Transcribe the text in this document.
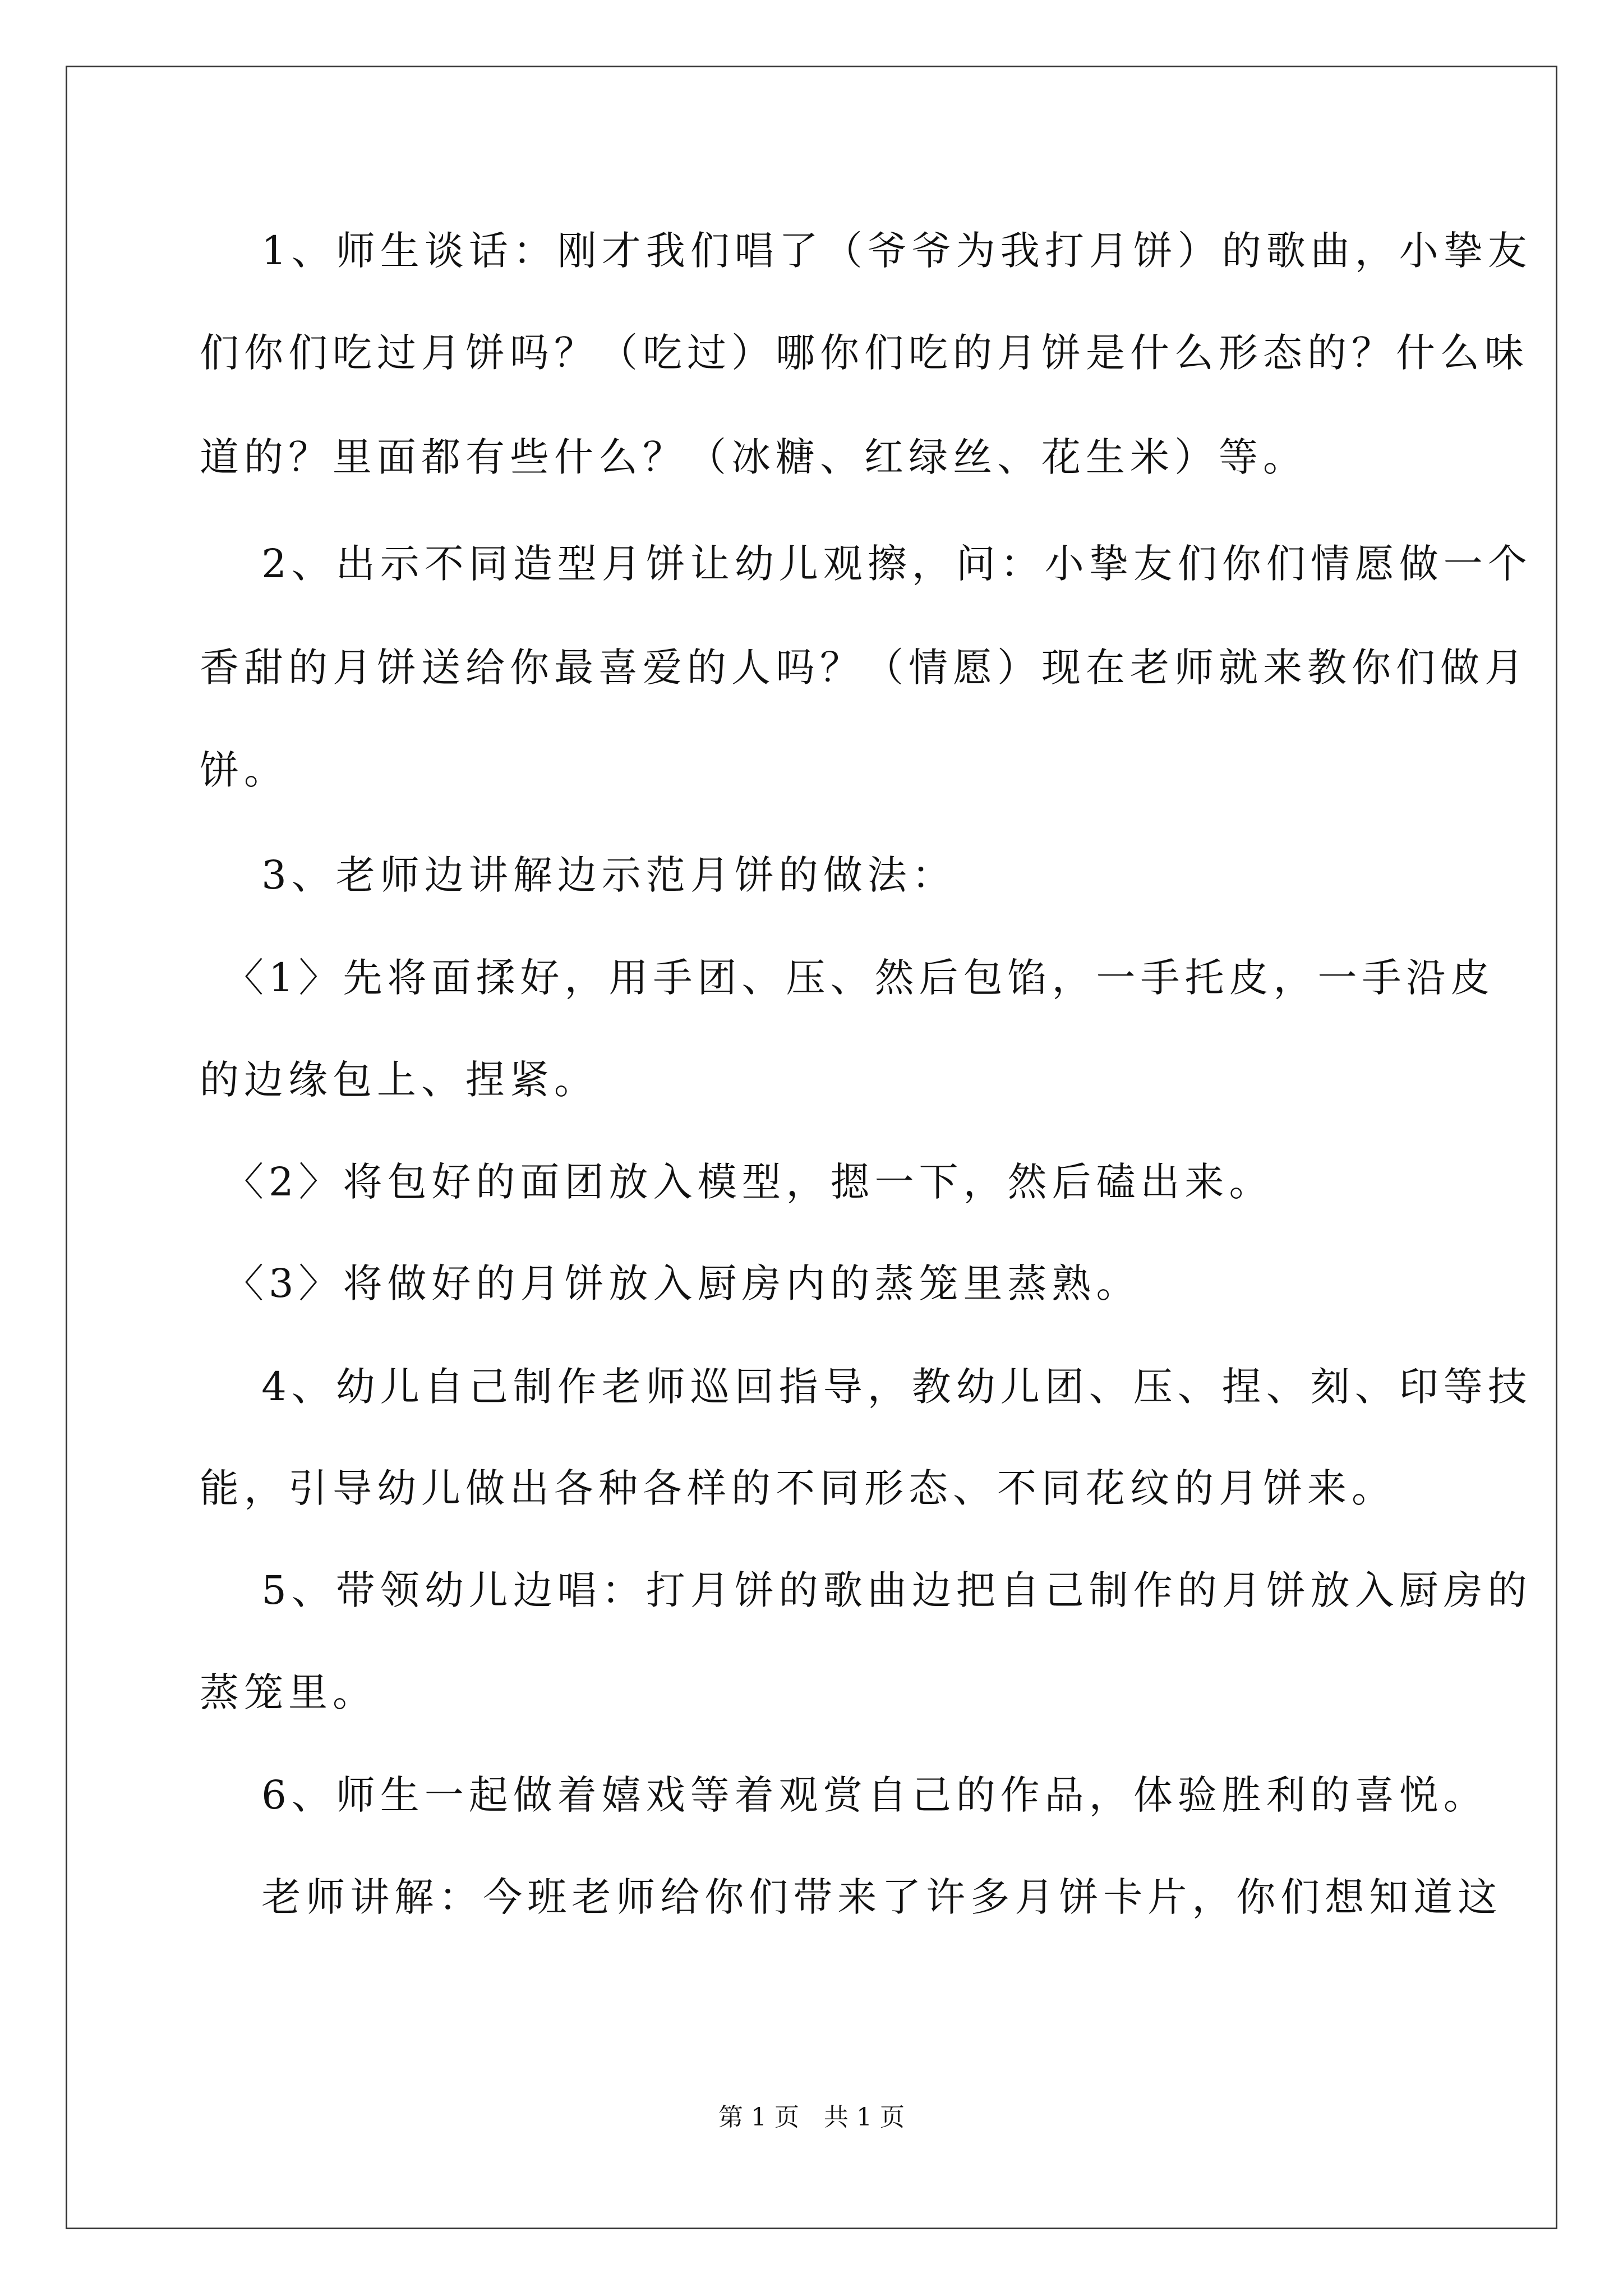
　 1、师生谈话：刚才我们唱了（爷爷为我打月饼）的歌曲，小挚友
们你们吃过月饼吗？（吃过）哪你们吃的月饼是什么形态的？什么味
道的？里面都有些什么？（冰糖、红绿丝、花生米）等。
　 2、出示不同造型月饼让幼儿观擦，问：小挚友们你们情愿做一个
香甜的月饼送给你最喜爱的人吗？（情愿）现在老师就来教你们做月
饼。
　 3、老师边讲解边示范月饼的做法：
　〈1〉先将面揉好，用手团、压、然后包馅，一手托皮，一手沿皮
的边缘包上、捏紧。
　〈2〉将包好的面团放入模型，摁一下，然后磕出来。
　〈3〉将做好的月饼放入厨房内的蒸笼里蒸熟。
　 4、幼儿自己制作老师巡回指导，教幼儿团、压、捏、刻、印等技
能，引导幼儿做出各种各样的不同形态、不同花纹的月饼来。
　 5、带领幼儿边唱：打月饼的歌曲边把自己制作的月饼放入厨房的
蒸笼里。
　 6、师生一起做着嬉戏等着观赏自己的作品，体验胜利的喜悦。
　 老师讲解：今班老师给你们带来了许多月饼卡片，你们想知道这
第 1 页　共 1 页
